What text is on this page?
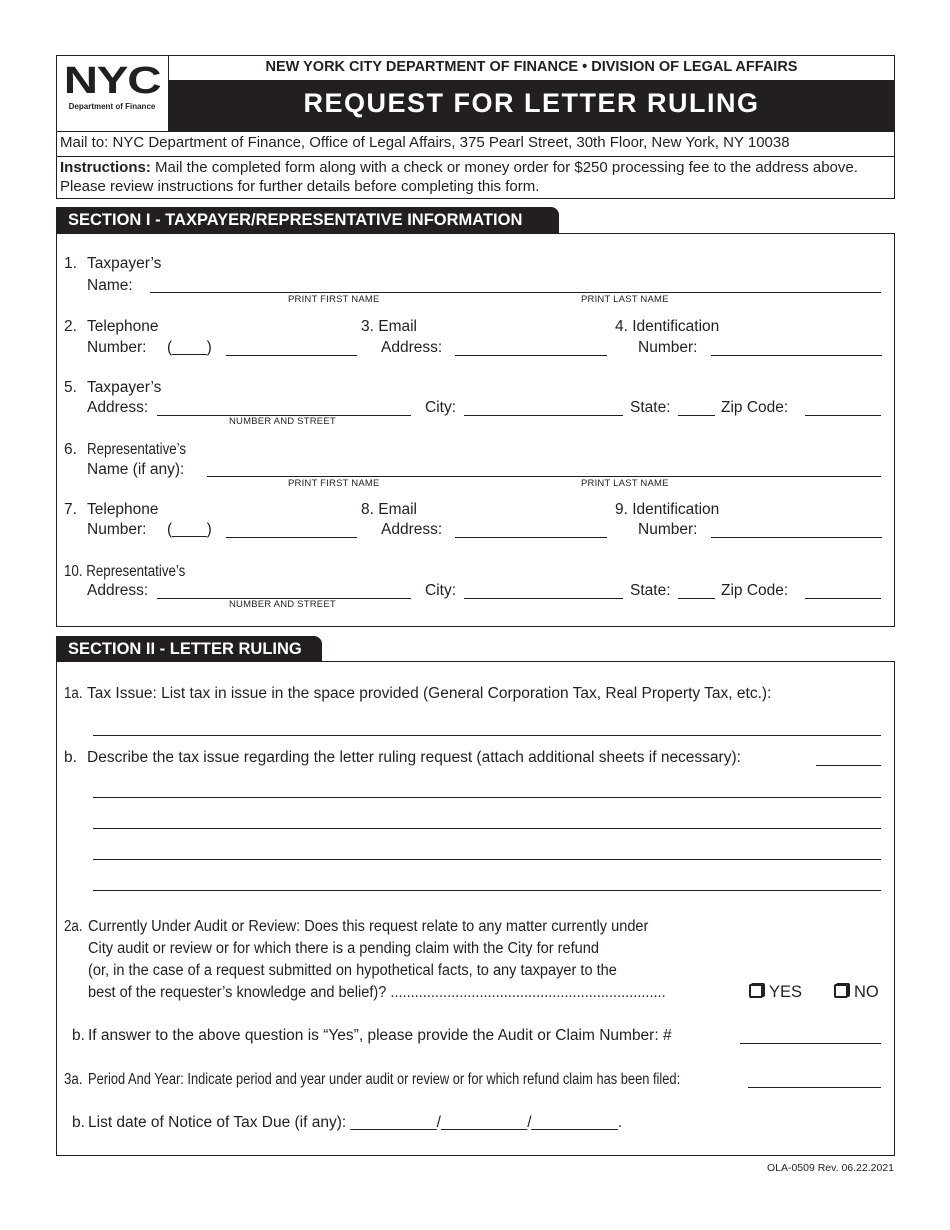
NYC
Department of Finance
NEW YORK CITY DEPARTMENT OF FINANCE • DIVISION OF LEGAL AFFAIRS
REQUEST FOR LETTER RULING
Mail to: NYC Department of Finance, Office of Legal Affairs, 375 Pearl Street, 30th Floor, New York, NY 10038
Instructions: Mail the completed form along with a check or money order for $250 processing fee to the address above.
Please review instructions for further details before completing this form.
SECTION I - TAXPAYER/REPRESENTATIVE INFORMATION
1. Taxpayer’s
Name:
PRINT FIRST NAME	PRINT LAST NAME
2. Telephone
Number: (____)
3. Email
Address:
4. Identification
Number:
5. Taxpayer’s
Address:
NUMBER AND STREET
City:	State:	Zip Code:
6. Representative’s
Name (if any):
PRINT FIRST NAME	PRINT LAST NAME
7. Telephone
Number: (____)
8. Email
Address:
9. Identification
Number:
10. Representative’s
Address:
NUMBER AND STREET
City:	State:	Zip Code:
SECTION II - LETTER RULING
1a. Tax Issue: List tax in issue in the space provided (General Corporation Tax, Real Property Tax, etc.):
b. Describe the tax issue regarding the letter ruling request (attach additional sheets if necessary):
2a. Currently Under Audit or Review: Does this request relate to any matter currently under
City audit or review or for which there is a pending claim with the City for refund
(or, in the case of a request submitted on hypothetical facts, to any taxpayer to the
best of the requester’s knowledge and belief)? ....................................................................	YES	NO
b. If answer to the above question is “Yes”, please provide the Audit or Claim Number: #
3a. Period And Year: Indicate period and year under audit or review or for which refund claim has been filed:
b. List date of Notice of Tax Due (if any): __________/__________/__________.
OLA-0509 Rev. 06.22.2021
